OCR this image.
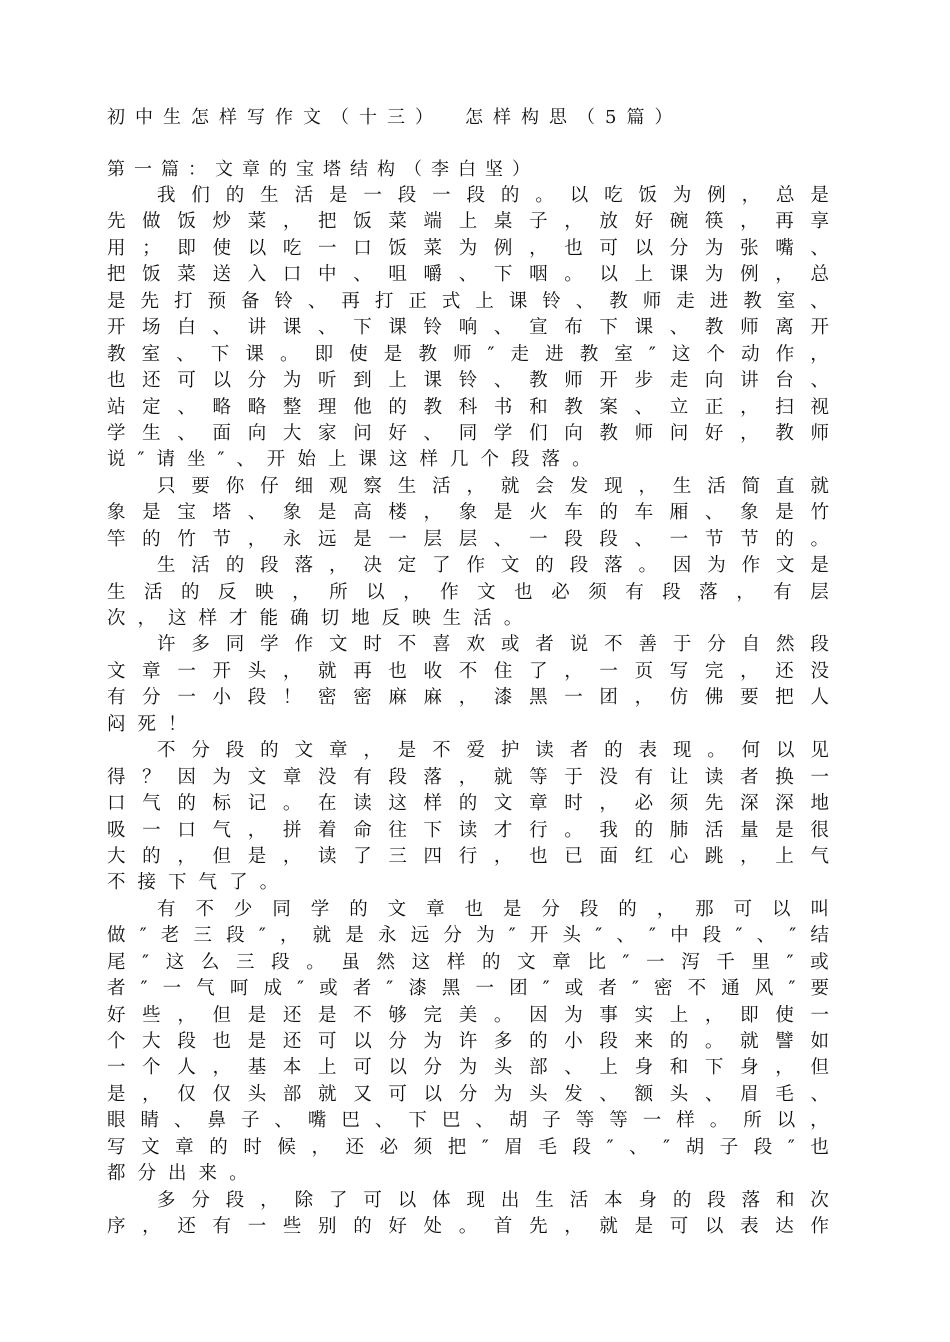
初中生怎样写作文（十三） 怎样构思（5篇）
第一篇：文章的宝塔结构（李白坚）
我 们 的 生 活 是 一 段 一 段 的 。 以 吃 饭 为 例 ， 总 是
先 做 饭 炒 菜 ， 把 饭 菜 端 上 桌 子 ， 放 好 碗 筷 ， 再 享
用 ； 即 使 以 吃 一 口 饭 菜 为 例 ， 也 可 以 分 为 张 嘴 、
把 饭 菜 送 入 口 中 、 咀 嚼 、 下 咽 。 以 上 课 为 例 ， 总
是 先 打 预 备 铃 、 再 打 正 式 上 课 铃 、 教 师 走 进 教 室 、
开 场 白 、 讲 课 、 下 课 铃 响 、 宣 布 下 课 、 教 师 离 开
教 室 、 下 课 。 即 使 是 教 师 ″ 走 进 教 室 ″ 这 个 动 作 ，
也 还 可 以 分 为 听 到 上 课 铃 、 教 师 开 步 走 向 讲 台 、
站 定 、 略 略 整 理 他 的 教 科 书 和 教 案 、 立 正 ， 扫 视
学 生 、 面 向 大 家 问 好 、 同 学 们 向 教 师 问 好 ， 教 师
说 ″ 请 坐 ″ 、 开 始 上 课 这 样 几 个 段 落 。
只 要 你 仔 细 观 察 生 活 ， 就 会 发 现 ， 生 活 简 直 就
象 是 宝 塔 、 象 是 高 楼 ， 象 是 火 车 的 车 厢 、 象 是 竹
竿 的 竹 节 ， 永 远 是 一 层 层 、 一 段 段 、 一 节 节 的 。
生 活 的 段 落 ， 决 定 了 作 文 的 段 落 。 因 为 作 文 是
生 活 的 反 映 ， 所 以 ， 作 文 也 必 须 有 段 落 ， 有 层
次 ， 这 样 才 能 确 切 地 反 映 生 活 。
许 多 同 学 作 文 时 不 喜 欢 或 者 说 不 善 于 分 自 然 段
文 章 一 开 头 ， 就 再 也 收 不 住 了 ， 一 页 写 完 ， 还 没
有 分 一 小 段 ！ 密 密 麻 麻 ， 漆 黑 一 团 ， 仿 佛 要 把 人
闷 死 ！
不 分 段 的 文 章 ， 是 不 爱 护 读 者 的 表 现 。 何 以 见
得 ？ 因 为 文 章 没 有 段 落 ， 就 等 于 没 有 让 读 者 换 一
口 气 的 标 记 。 在 读 这 样 的 文 章 时 ， 必 须 先 深 深 地
吸 一 口 气 ， 拼 着 命 往 下 读 才 行 。 我 的 肺 活 量 是 很
大 的 ， 但 是 ， 读 了 三 四 行 ， 也 已 面 红 心 跳 ， 上 气
不 接 下 气 了 。
有 不 少 同 学 的 文 章 也 是 分 段 的 ， 那 可 以 叫
做 ″ 老 三 段 ″ ， 就 是 永 远 分 为 ″ 开 头 ″ 、 ″ 中 段 ″ 、 ″ 结
尾 ″ 这 么 三 段 。 虽 然 这 样 的 文 章 比 ″ 一 泻 千 里 ″ 或
者 ″ 一 气 呵 成 ″ 或 者 ″ 漆 黑 一 团 ″ 或 者 ″ 密 不 通 风 ″ 要
好 些 ， 但 是 还 是 不 够 完 美 。 因 为 事 实 上 ， 即 使 一
个 大 段 也 是 还 可 以 分 为 许 多 的 小 段 来 的 。 就 譬 如
一 个 人 ， 基 本 上 可 以 分 为 头 部 、 上 身 和 下 身 ， 但
是 ， 仅 仅 头 部 就 又 可 以 分 为 头 发 、 额 头 、 眉 毛 、
眼 睛 、 鼻 子 、 嘴 巴 、 下 巴 、 胡 子 等 等 一 样 。 所 以 ，
写 文 章 的 时 候 ， 还 必 须 把 ″ 眉 毛 段 ″ 、 ″ 胡 子 段 ″ 也
都 分 出 来 。
多 分 段 ， 除 了 可 以 体 现 出 生 活 本 身 的 段 落 和 次
序 ， 还 有 一 些 别 的 好 处 。 首 先 ， 就 是 可 以 表 达 作
